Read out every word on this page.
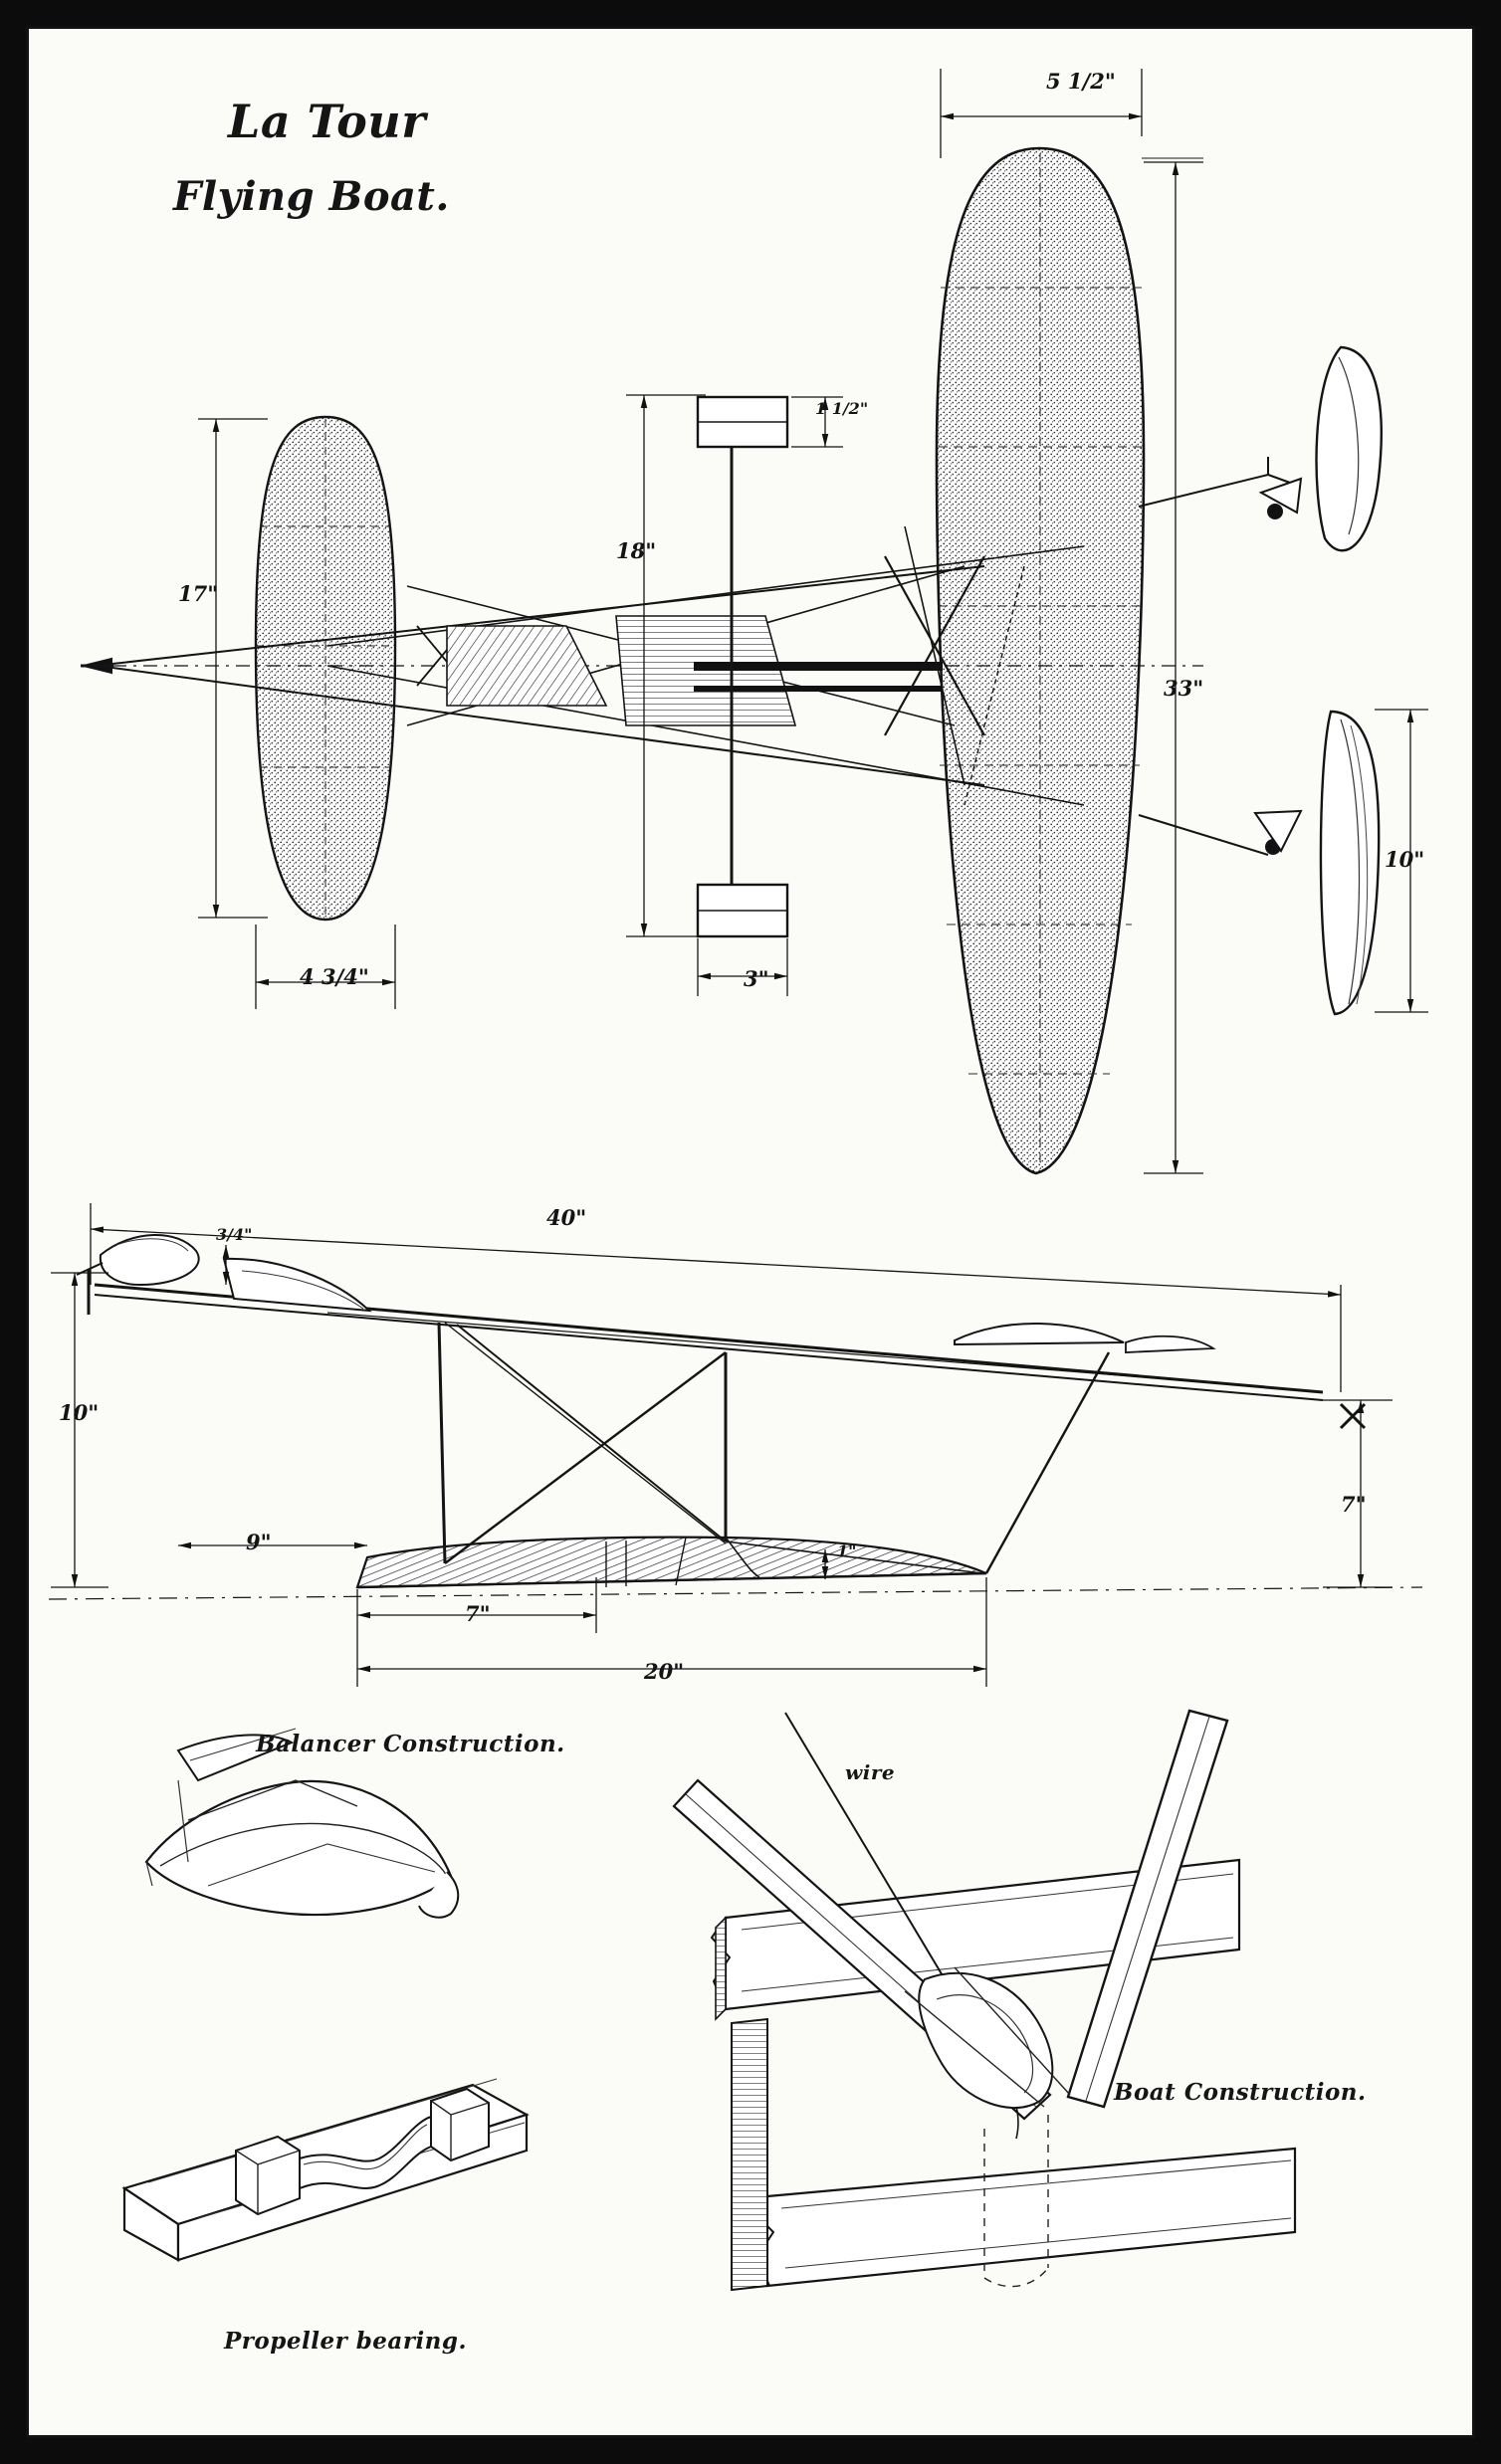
La Tour
Flying Boat.
5 1/2"
17"
4 3/4"
18"
1 1/2"
3"
33"
10"
40"
3/4"
10"
9"
7"
20"
1"
7"
Balancer Construction.
Propeller bearing.
Boat Construction.
wire
